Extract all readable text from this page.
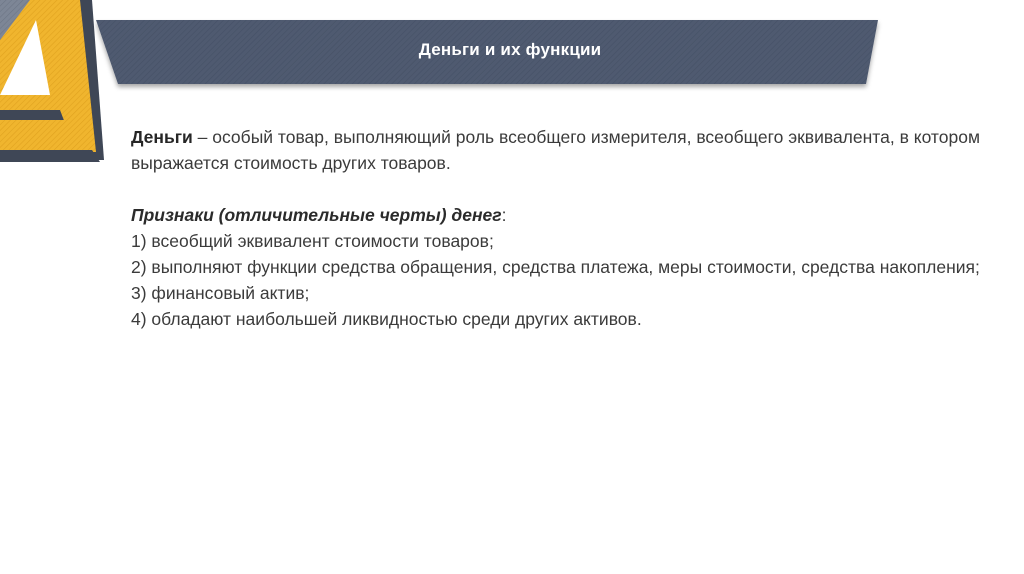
Деньги и их функции

Деньги – особый товар, выполняющий роль всеобщего измерителя, всеобщего эквивалента, в котором выражается стоимость других товаров.

Признаки (отличительные черты) денег:

1) всеобщий эквивалент стоимости товаров;

2) выполняют функции средства обращения, средства платежа, меры стоимости, средства накопления;

3) финансовый актив;

4) обладают наибольшей ликвидностью среди других активов.
